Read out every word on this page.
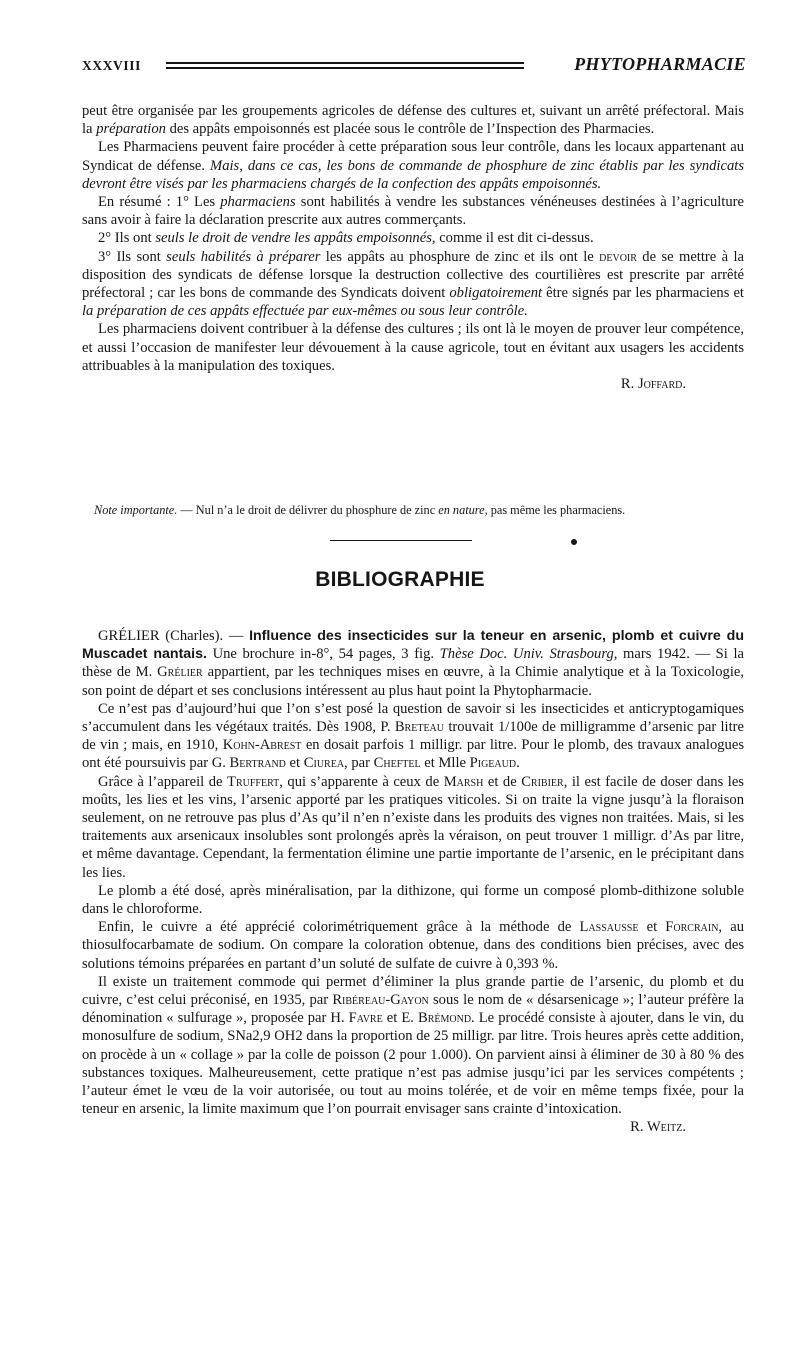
XXXVIII	PHYTOPHARMACIE

peut être organisée par les groupements agricoles de défense des cultures et, suivant un arrêté préfectoral. Mais la préparation des appâts empoisonnés est placée sous le contrôle de l’Inspection des Pharmacies.

Les Pharmaciens peuvent faire procéder à cette préparation sous leur contrôle, dans les locaux appartenant au Syndicat de défense. Mais, dans ce cas, les bons de commande de phosphure de zinc établis par les syndicats devront être visés par les pharmaciens chargés de la confection des appâts empoisonnés.

En résumé : 1° Les pharmaciens sont habilités à vendre les substances vénéneuses destinées à l’agriculture sans avoir à faire la déclaration prescrite aux autres commerçants.

2° Ils ont seuls le droit de vendre les appâts empoisonnés, comme il est dit ci-dessus.

3° Ils sont seuls habilités à préparer les appâts au phosphure de zinc et ils ont le devoir de se mettre à la disposition des syndicats de défense lorsque la destruction collective des courtilières est prescrite par arrêté préfectoral ; car les bons de commande des Syndicats doivent obligatoirement être signés par les pharmaciens et la préparation de ces appâts effectuée par eux-mêmes ou sous leur contrôle.

Les pharmaciens doivent contribuer à la défense des cultures ; ils ont là le moyen de prouver leur compétence, et aussi l’occasion de manifester leur dévouement à la cause agricole, tout en évitant aux usagers les accidents attribuables à la manipulation des toxiques.

R. Joffard.

Note importante. — Nul n’a le droit de délivrer du phosphure de zinc en nature, pas même les pharmaciens.

BIBLIOGRAPHIE

GRÉLIER (Charles). — Influence des insecticides sur la teneur en arsenic, plomb et cuivre du Muscadet nantais. Une brochure in-8°, 54 pages, 3 fig. Thèse Doc. Univ. Strasbourg, mars 1942. — Si la thèse de M. Grélier appartient, par les techniques mises en œuvre, à la Chimie analytique et à la Toxicologie, son point de départ et ses conclusions intéressent au plus haut point la Phytopharmacie.

Ce n’est pas d’aujourd’hui que l’on s’est posé la question de savoir si les insecticides et anticryptogamiques s’accumulent dans les végétaux traités. Dès 1908, P. Breteau trouvait 1/100e de milligramme d’arsenic par litre de vin ; mais, en 1910, Kohn-Abrest en dosait parfois 1 milligr. par litre. Pour le plomb, des travaux analogues ont été poursuivis par G. Bertrand et Ciurea, par Cheftel et Mlle Pigeaud.

Grâce à l’appareil de Truffert, qui s’apparente à ceux de Marsh et de Cribier, il est facile de doser dans les moûts, les lies et les vins, l’arsenic apporté par les pratiques viticoles. Si on traite la vigne jusqu’à la floraison seulement, on ne retrouve pas plus d’As qu’il n’en n’existe dans les produits des vignes non traitées. Mais, si les traitements aux arsenicaux insolubles sont prolongés après la véraison, on peut trouver 1 milligr. d’As par litre, et même davantage. Cependant, la fermentation élimine une partie importante de l’arsenic, en le précipitant dans les lies.

Le plomb a été dosé, après minéralisation, par la dithizone, qui forme un composé plomb-dithizone soluble dans le chloroforme.

Enfin, le cuivre a été apprécié colorimétriquement grâce à la méthode de Lassausse et Forcrain, au thiosulfocarbamate de sodium. On compare la coloration obtenue, dans des conditions bien précises, avec des solutions témoins préparées en partant d’un soluté de sulfate de cuivre à 0,393 %.

Il existe un traitement commode qui permet d’éliminer la plus grande partie de l’arsenic, du plomb et du cuivre, c’est celui préconisé, en 1935, par Ribéreau-Gayon sous le nom de « désarsenicage »; l’auteur préfère la dénomination « sulfurage », proposée par H. Favre et E. Brémond. Le procédé consiste à ajouter, dans le vin, du monosulfure de sodium, SNa2,9 OH2 dans la proportion de 25 milligr. par litre. Trois heures après cette addition, on procède à un « collage » par la colle de poisson (2 pour 1.000). On parvient ainsi à éliminer de 30 à 80 % des substances toxiques. Malheureusement, cette pratique n’est pas admise jusqu’ici par les services compétents ; l’auteur émet le vœu de la voir autorisée, ou tout au moins tolérée, et de voir en même temps fixée, pour la teneur en arsenic, la limite maximum que l’on pourrait envisager sans crainte d’intoxication.

R. Weitz.
